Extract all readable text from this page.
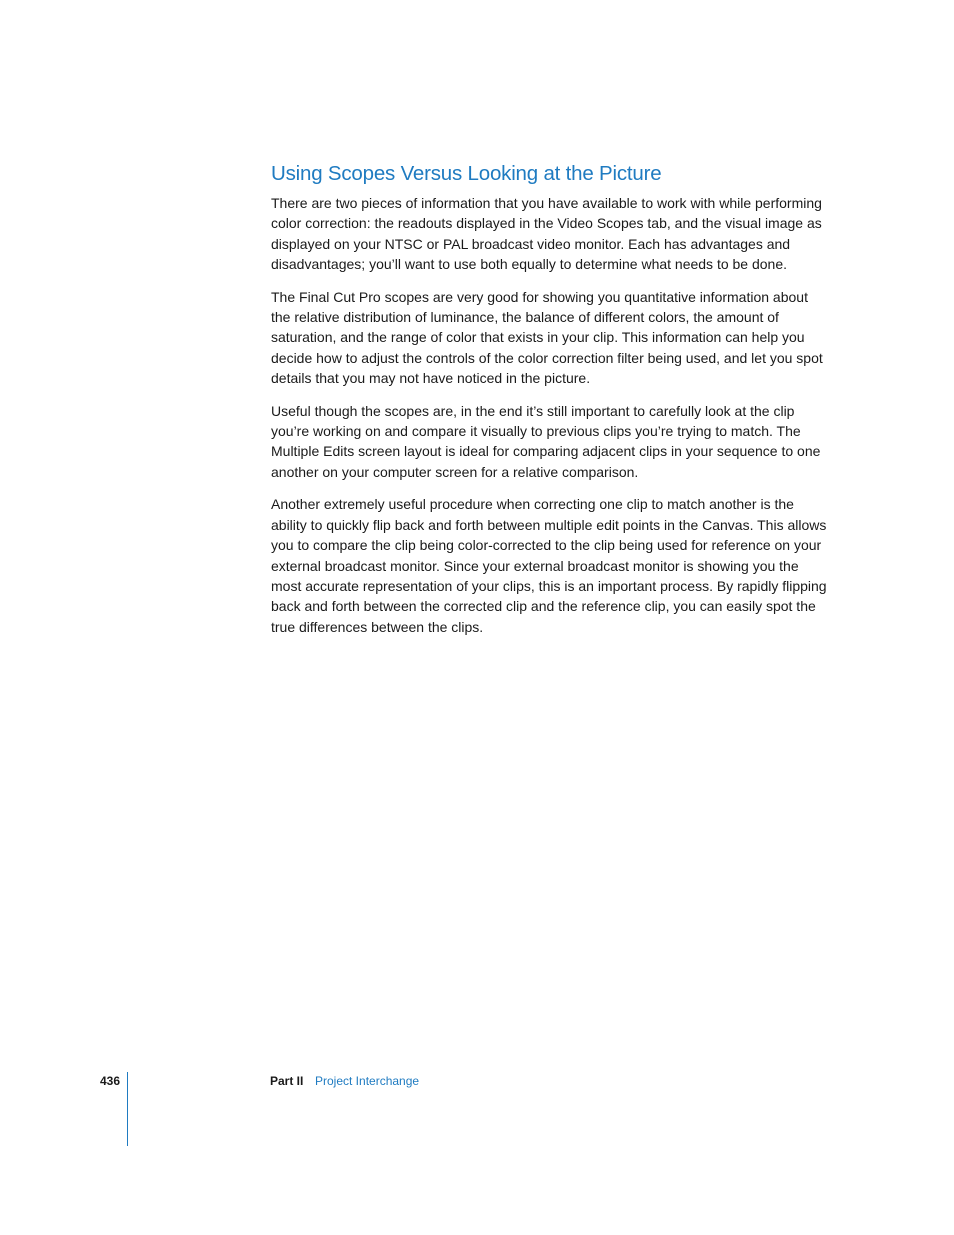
Using Scopes Versus Looking at the Picture

There are two pieces of information that you have available to work with while performing color correction: the readouts displayed in the Video Scopes tab, and the visual image as displayed on your NTSC or PAL broadcast video monitor. Each has advantages and disadvantages; you’ll want to use both equally to determine what needs to be done.

The Final Cut Pro scopes are very good for showing you quantitative information about the relative distribution of luminance, the balance of different colors, the amount of saturation, and the range of color that exists in your clip. This information can help you decide how to adjust the controls of the color correction filter being used, and let you spot details that you may not have noticed in the picture.

Useful though the scopes are, in the end it’s still important to carefully look at the clip you’re working on and compare it visually to previous clips you’re trying to match. The Multiple Edits screen layout is ideal for comparing adjacent clips in your sequence to one another on your computer screen for a relative comparison.

Another extremely useful procedure when correcting one clip to match another is the ability to quickly flip back and forth between multiple edit points in the Canvas. This allows you to compare the clip being color-corrected to the clip being used for reference on your external broadcast monitor. Since your external broadcast monitor is showing you the most accurate representation of your clips, this is an important process. By rapidly flipping back and forth between the corrected clip and the reference clip, you can easily spot the true differences between the clips.

436	Part II Project Interchange
